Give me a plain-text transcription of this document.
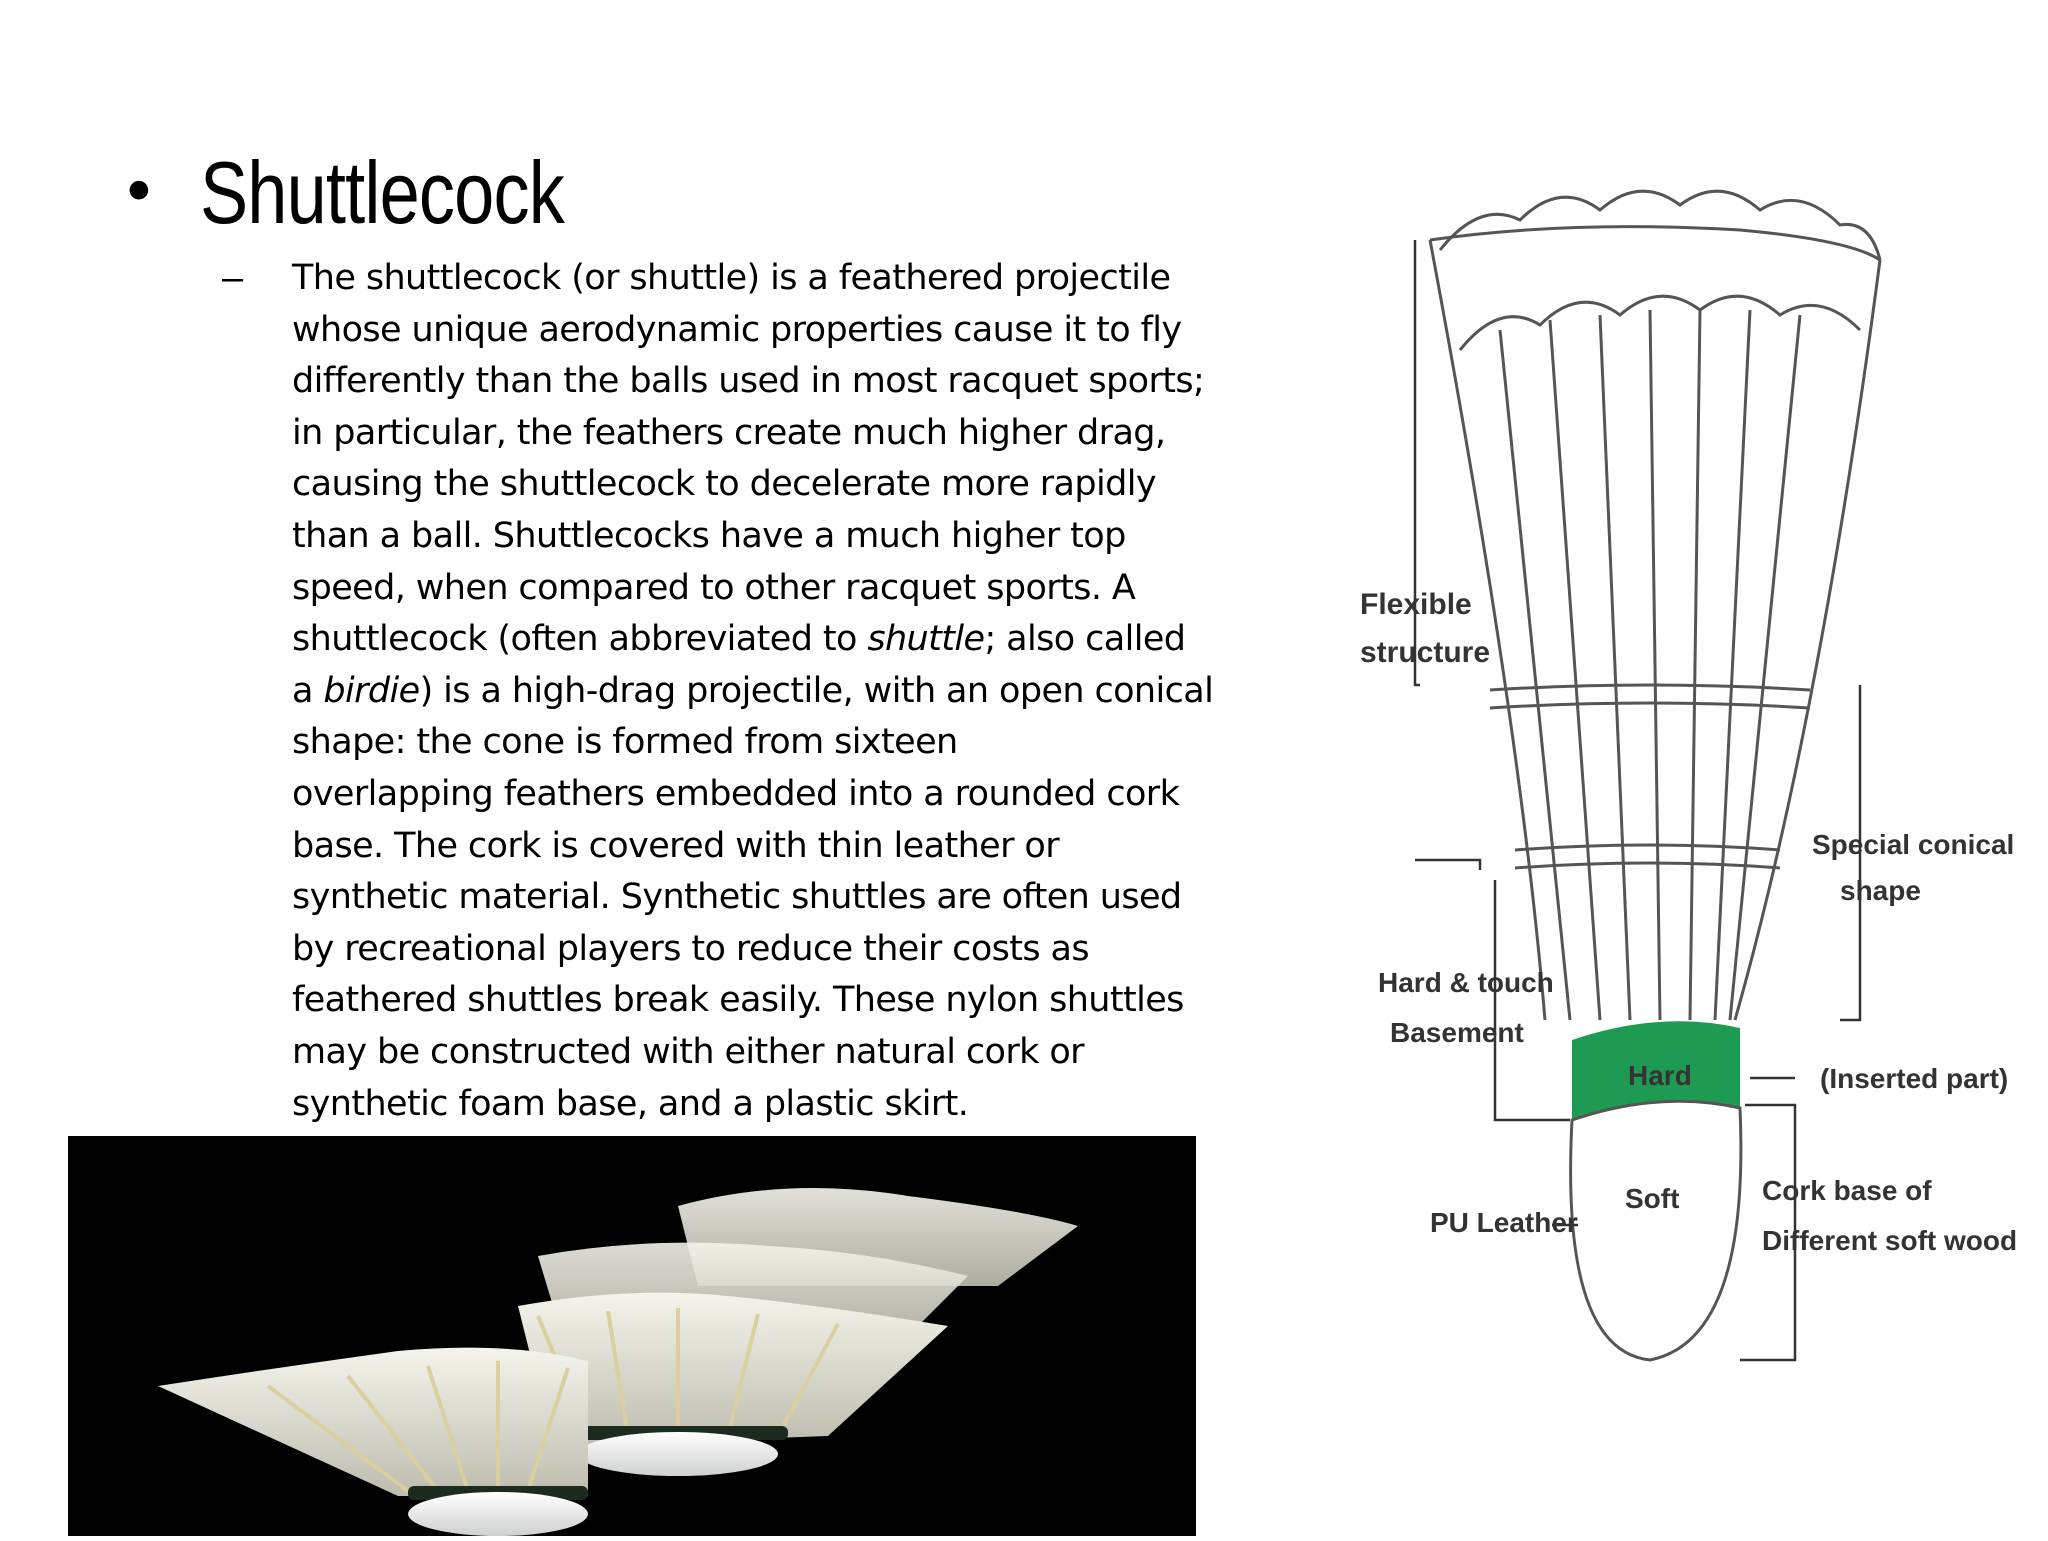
• Shuttlecock
– The shuttlecock (or shuttle) is a feathered projectile
whose unique aerodynamic properties cause it to fly
differently than the balls used in most racquet sports;
in particular, the feathers create much higher drag,
causing the shuttlecock to decelerate more rapidly
than a ball. Shuttlecocks have a much higher top
speed, when compared to other racquet sports. A
shuttlecock (often abbreviated to shuttle; also called
a birdie) is a high-drag projectile, with an open conical
shape: the cone is formed from sixteen
overlapping feathers embedded into a rounded cork
base. The cork is covered with thin leather or
synthetic material. Synthetic shuttles are often used
by recreational players to reduce their costs as
feathered shuttles break easily. These nylon shuttles
may be constructed with either natural cork or
synthetic foam base, and a plastic skirt.

Flexible
structure
Special conical
shape
Hard & touch
Basement
(Inserted part)
Hard
Soft
PU Leather
Cork base of
Different soft wood
